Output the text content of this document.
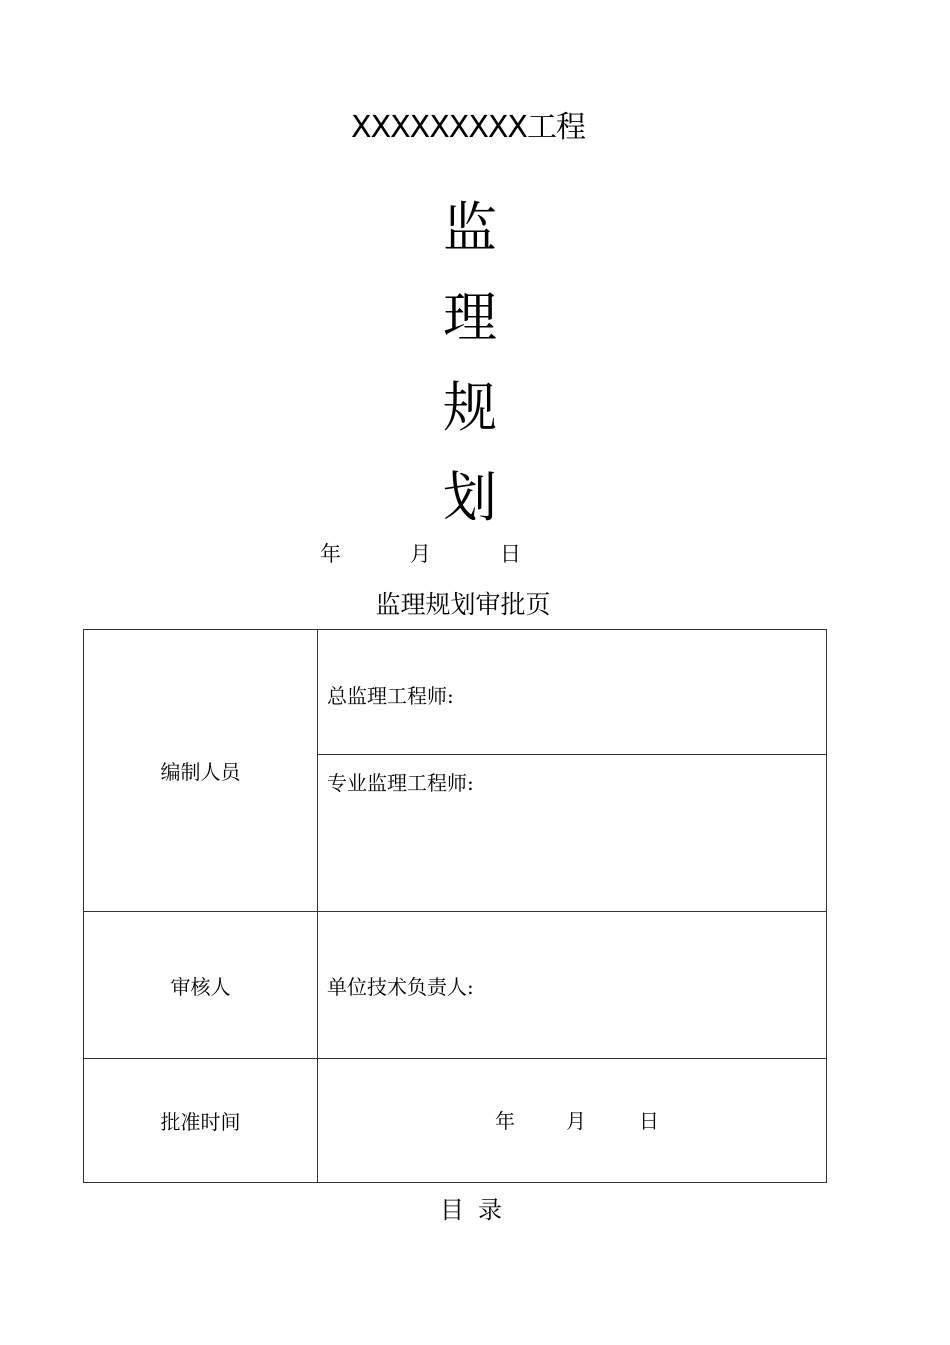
XXXXXXXXX工程
监
理
规
划
年	月	日
监理规划审批页
编制人员	总监理工程师:
	专业监理工程师:
审核人	单位技术负责人:
批准时间	年 月 日
目录
